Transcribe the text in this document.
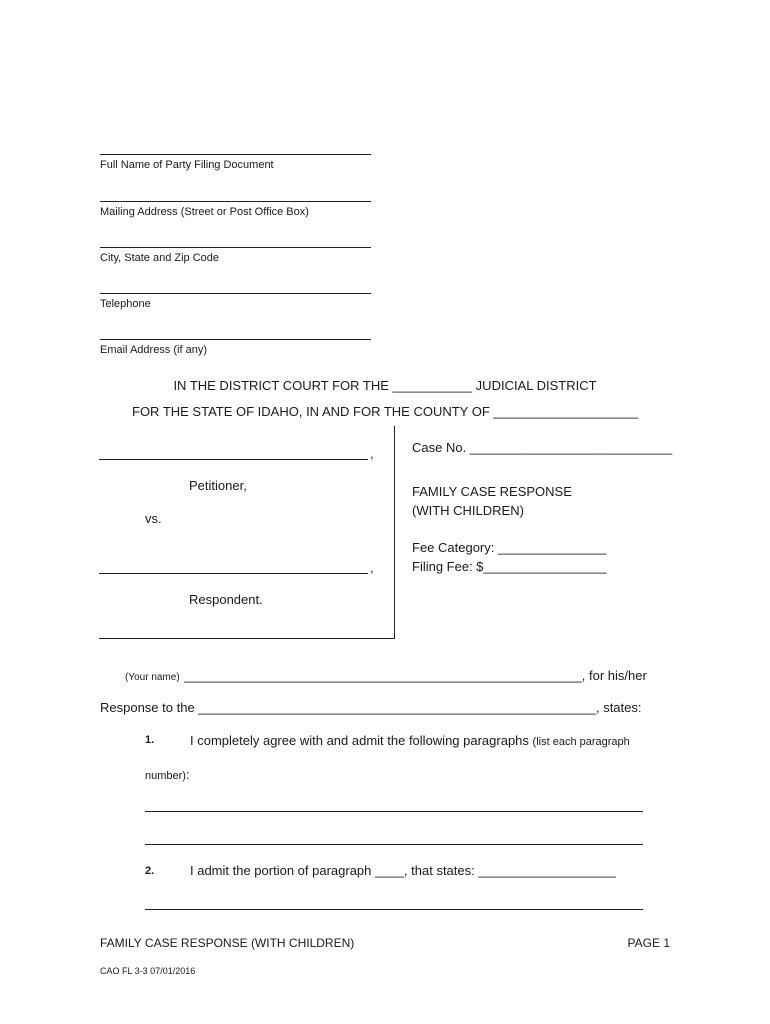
Full Name of Party Filing Document
Mailing Address (Street or Post Office Box)
City, State and Zip Code
Telephone
Email Address (if any)
IN THE DISTRICT COURT FOR THE ___________ JUDICIAL DISTRICT
FOR THE STATE OF IDAHO, IN AND FOR THE COUNTY OF ____________________
,
Petitioner,
vs.
,
Respondent.
Case No. ____________________________
FAMILY CASE RESPONSE
(WITH CHILDREN)
Fee Category: _______________
Filing Fee: $_________________
(Your name) _______________________________________________________, for his/her
Response to the _______________________________________________________, states:
1.	I completely agree with and admit the following paragraphs (list each paragraph
number):
2.	I admit the portion of paragraph ____, that states: ___________________
FAMILY CASE RESPONSE (WITH CHILDREN)	PAGE 1
CAO FL 3-3 07/01/2016
